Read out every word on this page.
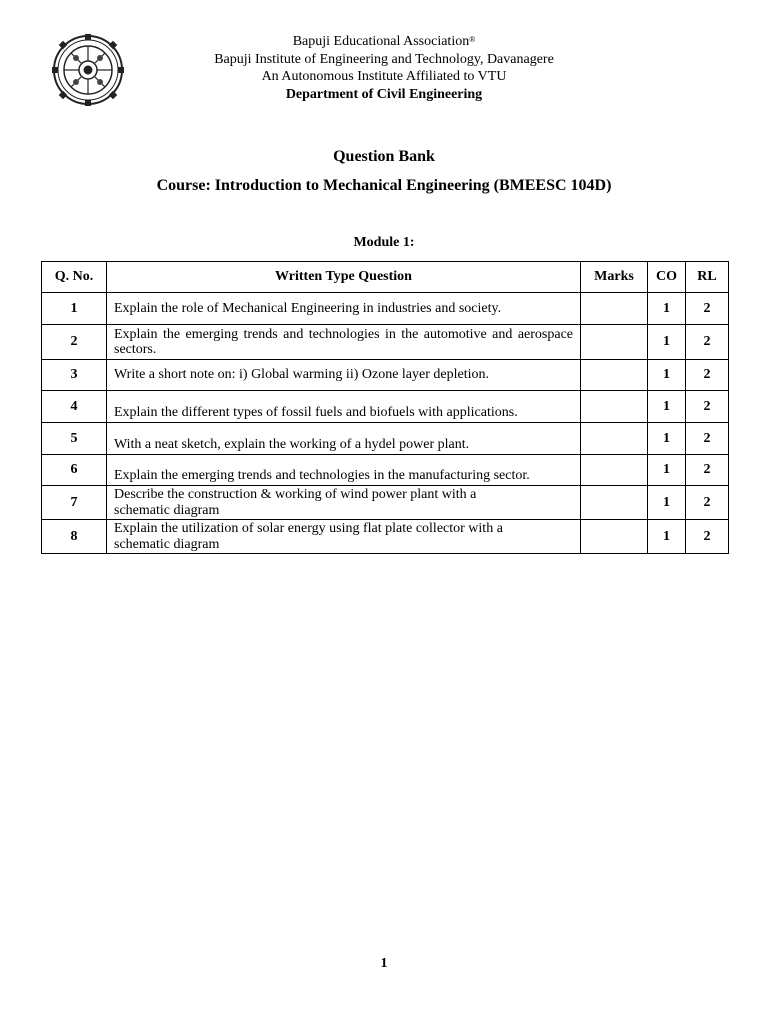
Bapuji Educational Association®
Bapuji Institute of Engineering and Technology, Davanagere
An Autonomous Institute Affiliated to VTU
Department of Civil Engineering
Question Bank
Course: Introduction to Mechanical Engineering (BMEESC 104D)
Module 1:
Q. No.	Written Type Question	Marks	CO	RL
1	Explain the role of Mechanical Engineering in industries and society.		1	2
2	Explain the emerging trends and technologies in the automotive and aerospace sectors.		1	2
3	Write a short note on: i) Global warming ii) Ozone layer depletion.		1	2
4	Explain the different types of fossil fuels and biofuels with applications.		1	2
5	With a neat sketch, explain the working of a hydel power plant.		1	2
6	Explain the emerging trends and technologies in the manufacturing sector.		1	2
7	Describe the construction & working of wind power plant with a schematic diagram		1	2
8	Explain the utilization of solar energy using flat plate collector with a schematic diagram		1	2
1
